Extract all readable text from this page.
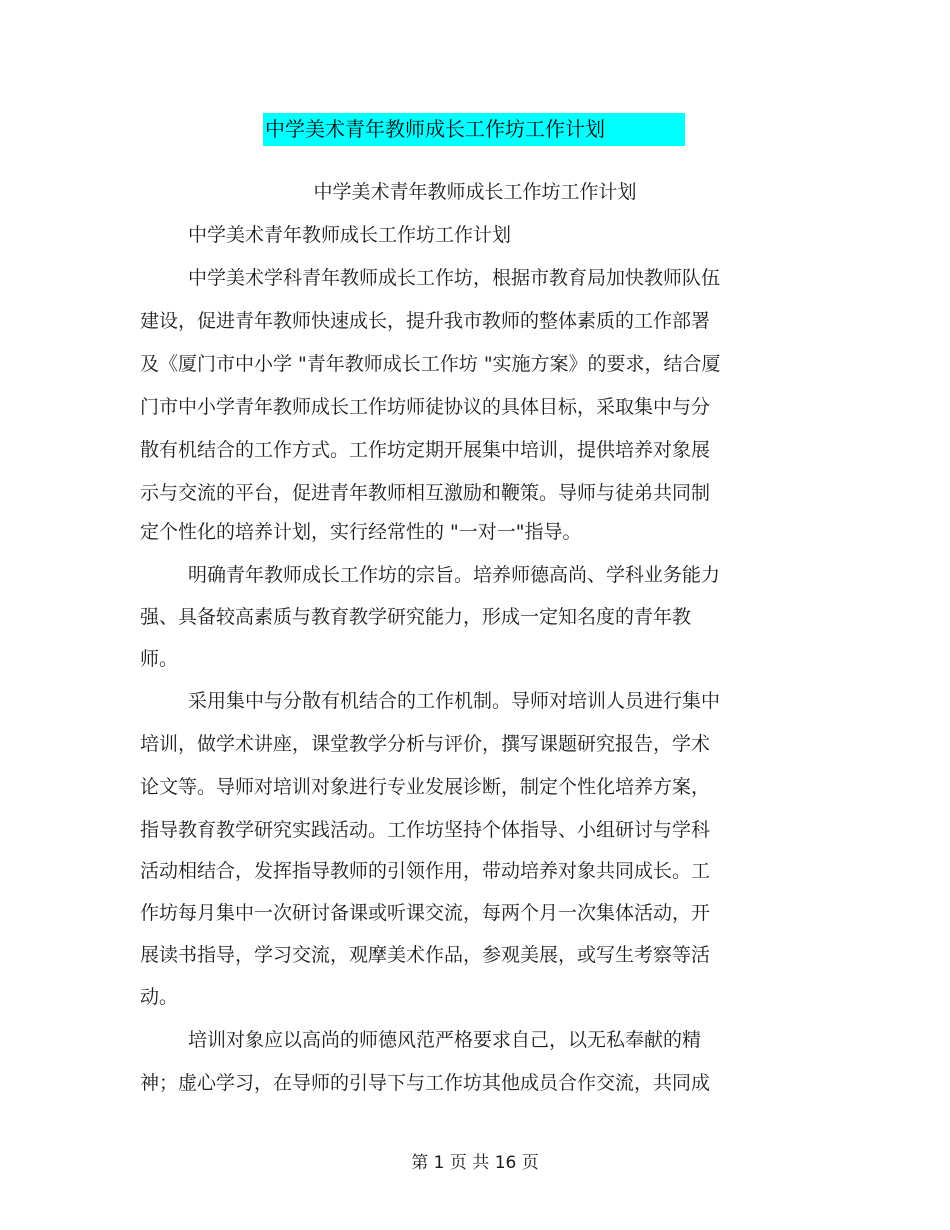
中学美术青年教师成长工作坊工作计划
中学美术青年教师成长工作坊工作计划
中学美术青年教师成长工作坊工作计划
中学美术学科青年教师成长工作坊，根据市教育局加快教师队伍
建设，促进青年教师快速成长，提升我市教师的整体素质的工作部署
及《厦门市中小学 "青年教师成长工作坊 "实施方案》的要求，结合厦
门市中小学青年教师成长工作坊师徒协议的具体目标，采取集中与分
散有机结合的工作方式。工作坊定期开展集中培训，提供培养对象展
示与交流的平台，促进青年教师相互激励和鞭策。导师与徒弟共同制
定个性化的培养计划，实行经常性的 "一对一"指导。
明确青年教师成长工作坊的宗旨。培养师德高尚、学科业务能力
强、具备较高素质与教育教学研究能力，形成一定知名度的青年教
师。
采用集中与分散有机结合的工作机制。导师对培训人员进行集中
培训，做学术讲座，课堂教学分析与评价，撰写课题研究报告，学术
论文等。导师对培训对象进行专业发展诊断，制定个性化培养方案，
指导教育教学研究实践活动。工作坊坚持个体指导、小组研讨与学科
活动相结合，发挥指导教师的引领作用，带动培养对象共同成长。工
作坊每月集中一次研讨备课或听课交流，每两个月一次集体活动，开
展读书指导，学习交流，观摩美术作品，参观美展，或写生考察等活
动。
培训对象应以高尚的师德风范严格要求自己，以无私奉献的精
神；虚心学习，在导师的引导下与工作坊其他成员合作交流，共同成
第 1 页 共 16 页
